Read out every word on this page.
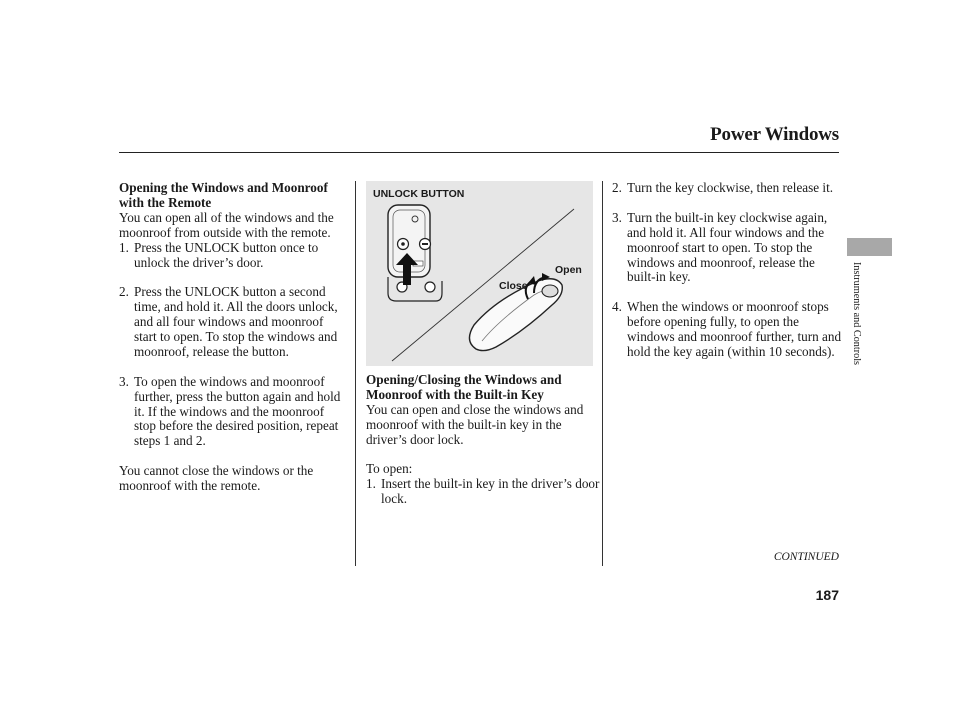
Power Windows

Opening the Windows and Moonroof with the Remote

You can open all of the windows and the moonroof from outside with the remote.

1. Press the UNLOCK button once to unlock the driver’s door.
2. Press the UNLOCK button a second time, and hold it. All the doors unlock, and all four windows and moonroof start to open. To stop the windows and moonroof, release the button.
3. To open the windows and moonroof further, press the button again and hold it. If the windows and the moonroof stop before the desired position, repeat steps 1 and 2.

You cannot close the windows or the moonroof with the remote.

UNLOCK BUTTON
Open
Close

Opening/Closing the Windows and Moonroof with the Built-in Key

You can open and close the windows and moonroof with the built-in key in the driver’s door lock.

To open:

1. Insert the built-in key in the driver’s door lock.
2. Turn the key clockwise, then release it.
3. Turn the built-in key clockwise again, and hold it. All four windows and the moonroof start to open. To stop the windows and moonroof, release the built-in key.
4. When the windows or moonroof stops before opening fully, to open the windows and moonroof further, turn and hold the key again (within 10 seconds).	Instruments and Controls
CONTINUED
187
